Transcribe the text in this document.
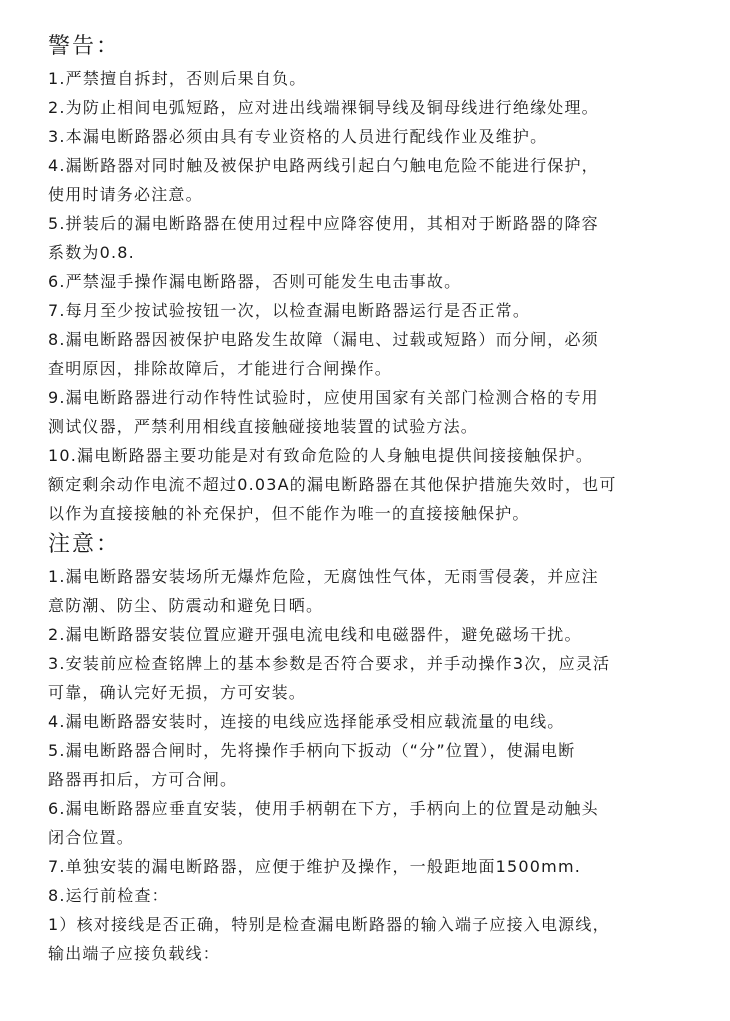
警告：

1.严禁擅自拆封，否则后果自负。

2.为防止相间电弧短路，应对进出线端裸铜导线及铜母线进行绝缘处理。

3.本漏电断路器必须由具有专业资格的人员进行配线作业及维护。

4.漏断路器对同时触及被保护电路两线引起白勺触电危险不能进行保护，

使用时请务必注意。

5.拼装后的漏电断路器在使用过程中应降容使用，其相对于断路器的降容

系数为0.8.

6.严禁湿手操作漏电断路器，否则可能发生电击事故。

7.每月至少按试验按钮一次，以检查漏电断路器运行是否正常。

8.漏电断路器因被保护电路发生故障（漏电、过载或短路）而分闸，必须

查明原因，排除故障后，才能进行合闸操作。

9.漏电断路器进行动作特性试验时，应使用国家有关部门检测合格的专用

测试仪器，严禁利用相线直接触碰接地装置的试验方法。

10.漏电断路器主要功能是对有致命危险的人身触电提供间接接触保护。

额定剩余动作电流不超过0.03A的漏电断路器在其他保护措施失效时，也可

以作为直接接触的补充保护，但不能作为唯一的直接接触保护。

注意：

1.漏电断路器安装场所无爆炸危险，无腐蚀性气体，无雨雪侵袭，并应注

意防潮、防尘、防震动和避免日晒。

2.漏电断路器安装位置应避开强电流电线和电磁器件，避免磁场干扰。

3.安装前应检查铭牌上的基本参数是否符合要求，并手动操作3次，应灵活

可靠，确认完好无损，方可安装。

4.漏电断路器安装时，连接的电线应选择能承受相应载流量的电线。

5.漏电断路器合闸时，先将操作手柄向下扳动（“分”位置），使漏电断

路器再扣后，方可合闸。

6.漏电断路器应垂直安装，使用手柄朝在下方，手柄向上的位置是动触头

闭合位置。

7.单独安装的漏电断路器，应便于维护及操作，一般距地面1500mm.

8.运行前检查：

1）核对接线是否正确，特别是检查漏电断路器的输入端子应接入电源线，

输出端子应接负载线：
